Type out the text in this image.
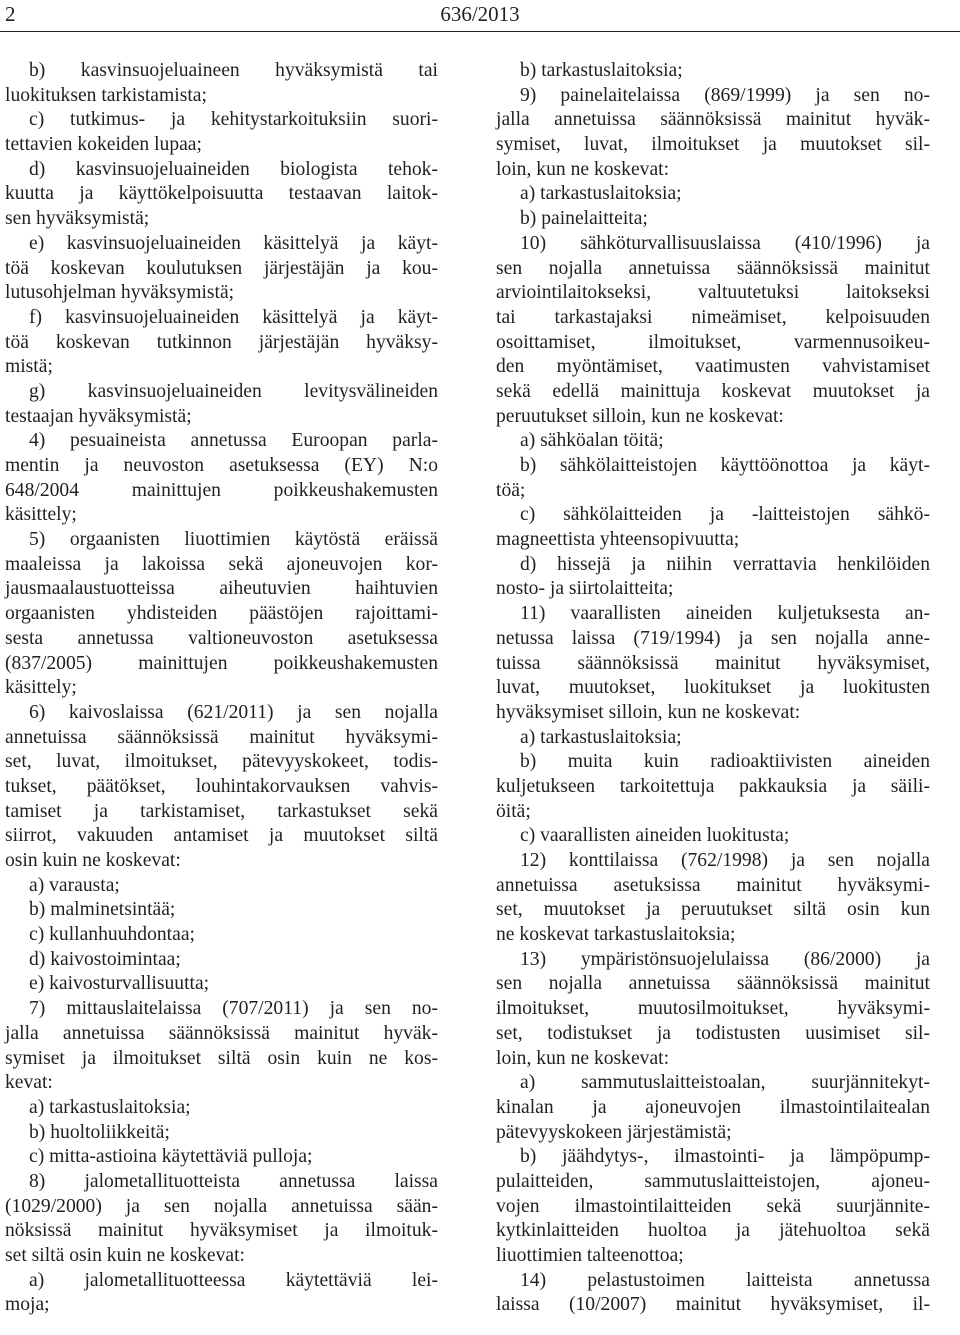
2	636/2013
b) kasvinsuojeluaineen hyväksymistä tai
luokituksen tarkistamista;
c) tutkimus- ja kehitystarkoituksiin suori-
tettavien kokeiden lupaa;
d) kasvinsuojeluaineiden biologista tehok-
kuutta ja käyttökelpoisuutta testaavan laitok-
sen hyväksymistä;
e) kasvinsuojeluaineiden käsittelyä ja käyt-
töä koskevan koulutuksen järjestäjän ja kou-
lutusohjelman hyväksymistä;
f) kasvinsuojeluaineiden käsittelyä ja käyt-
töä koskevan tutkinnon järjestäjän hyväksy-
mistä;
g) kasvinsuojeluaineiden levitysvälineiden
testaajan hyväksymistä;
4) pesuaineista annetussa Euroopan parla-
mentin ja neuvoston asetuksessa (EY) N:o
648/2004 mainittujen poikkeushakemusten
käsittely;
5) orgaanisten liuottimien käytöstä eräissä
maaleissa ja lakoissa sekä ajoneuvojen kor-
jausmaalaustuotteissa aiheutuvien haihtuvien
orgaanisten yhdisteiden päästöjen rajoittami-
sesta annetussa valtioneuvoston asetuksessa
(837/2005) mainittujen poikkeushakemusten
käsittely;
6) kaivoslaissa (621/2011) ja sen nojalla
annetuissa säännöksissä mainitut hyväksymi-
set, luvat, ilmoitukset, pätevyyskokeet, todis-
tukset, päätökset, louhintakorvauksen vahvis-
tamiset ja tarkistamiset, tarkastukset sekä
siirrot, vakuuden antamiset ja muutokset siltä
osin kuin ne koskevat:
a) varausta;
b) malminetsintää;
c) kullanhuuhdontaa;
d) kaivostoimintaa;
e) kaivosturvallisuutta;
7) mittauslaitelaissa (707/2011) ja sen no-
jalla annetuissa säännöksissä mainitut hyväk-
symiset ja ilmoitukset siltä osin kuin ne kos-
kevat:
a) tarkastuslaitoksia;
b) huoltoliikkeitä;
c) mitta-astioina käytettäviä pulloja;
8) jalometallituotteista annetussa laissa
(1029/2000) ja sen nojalla annetuissa sään-
nöksissä mainitut hyväksymiset ja ilmoituk-
set siltä osin kuin ne koskevat:
a) jalometallituotteessa käytettäviä lei-
moja;
b) tarkastuslaitoksia;
9) painelaitelaissa (869/1999) ja sen no-
jalla annetuissa säännöksissä mainitut hyväk-
symiset, luvat, ilmoitukset ja muutokset sil-
loin, kun ne koskevat:
a) tarkastuslaitoksia;
b) painelaitteita;
10) sähköturvallisuuslaissa (410/1996) ja
sen nojalla annetuissa säännöksissä mainitut
arviointilaitokseksi, valtuutetuksi laitokseksi
tai tarkastajaksi nimeämiset, kelpoisuuden
osoittamiset, ilmoitukset, varmennusoikeu-
den myöntämiset, vaatimusten vahvistamiset
sekä edellä mainittuja koskevat muutokset ja
peruutukset silloin, kun ne koskevat:
a) sähköalan töitä;
b) sähkölaitteistojen käyttöönottoa ja käyt-
töä;
c) sähkölaitteiden ja -laitteistojen sähkö-
magneettista yhteensopivuutta;
d) hissejä ja niihin verrattavia henkilöiden
nosto- ja siirtolaitteita;
11) vaarallisten aineiden kuljetuksesta an-
netussa laissa (719/1994) ja sen nojalla anne-
tuissa säännöksissä mainitut hyväksymiset,
luvat, muutokset, luokitukset ja luokitusten
hyväksymiset silloin, kun ne koskevat:
a) tarkastuslaitoksia;
b) muita kuin radioaktiivisten aineiden
kuljetukseen tarkoitettuja pakkauksia ja säili-
öitä;
c) vaarallisten aineiden luokitusta;
12) konttilaissa (762/1998) ja sen nojalla
annetuissa asetuksissa mainitut hyväksymi-
set, muutokset ja peruutukset siltä osin kun
ne koskevat tarkastuslaitoksia;
13) ympäristönsuojelulaissa (86/2000) ja
sen nojalla annetuissa säännöksissä mainitut
ilmoitukset, muutosilmoitukset, hyväksymi-
set, todistukset ja todistusten uusimiset sil-
loin, kun ne koskevat:
a) sammutuslaitteistoalan, suurjännitekyt-
kinalan ja ajoneuvojen ilmastointilaitealan
pätevyyskokeen järjestämistä;
b) jäähdytys-, ilmastointi- ja lämpöpump-
pulaitteiden, sammutuslaitteistojen, ajoneu-
vojen ilmastointilaitteiden sekä suurjännite-
kytkinlaitteiden huoltoa ja jätehuoltoa sekä
liuottimien talteenottoa;
14) pelastustoimen laitteista annetussa
laissa (10/2007) mainitut hyväksymiset, il-
